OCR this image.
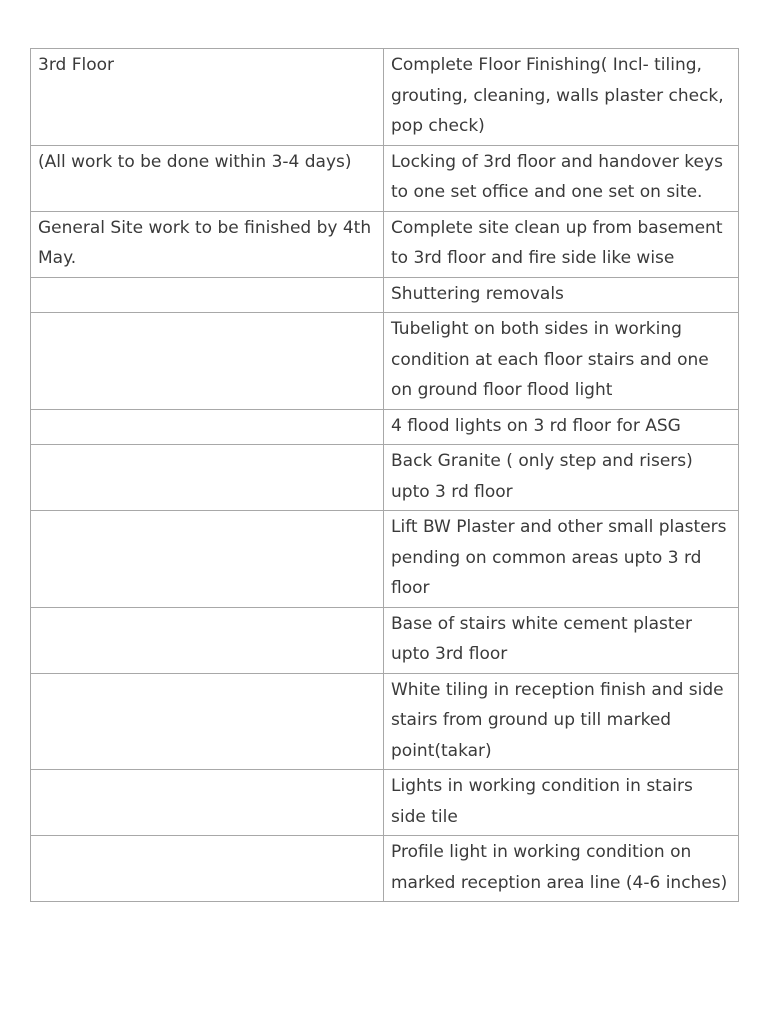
3rd Floor	Complete Floor Finishing( Incl- tiling, grouting, cleaning, walls plaster check, pop check)
(All work to be done within 3-4 days)	Locking of 3rd floor and handover keys to one set office and one set on site.
General Site work to be finished by 4th May.	Complete site clean up from basement to 3rd floor and fire side like wise
	Shuttering removals
	Tubelight on both sides in working condition at each floor stairs and one on ground floor flood light
	4 flood lights on 3 rd floor for ASG
	Back Granite ( only step and risers) upto 3 rd floor
	Lift BW Plaster and other small plasters pending on common areas upto 3 rd floor
	Base of stairs white cement plaster upto 3rd floor
	White tiling in reception finish and side stairs from ground up till marked point(takar)
	Lights in working condition in stairs side tile
	Profile light in working condition on marked reception area line (4-6 inches)
